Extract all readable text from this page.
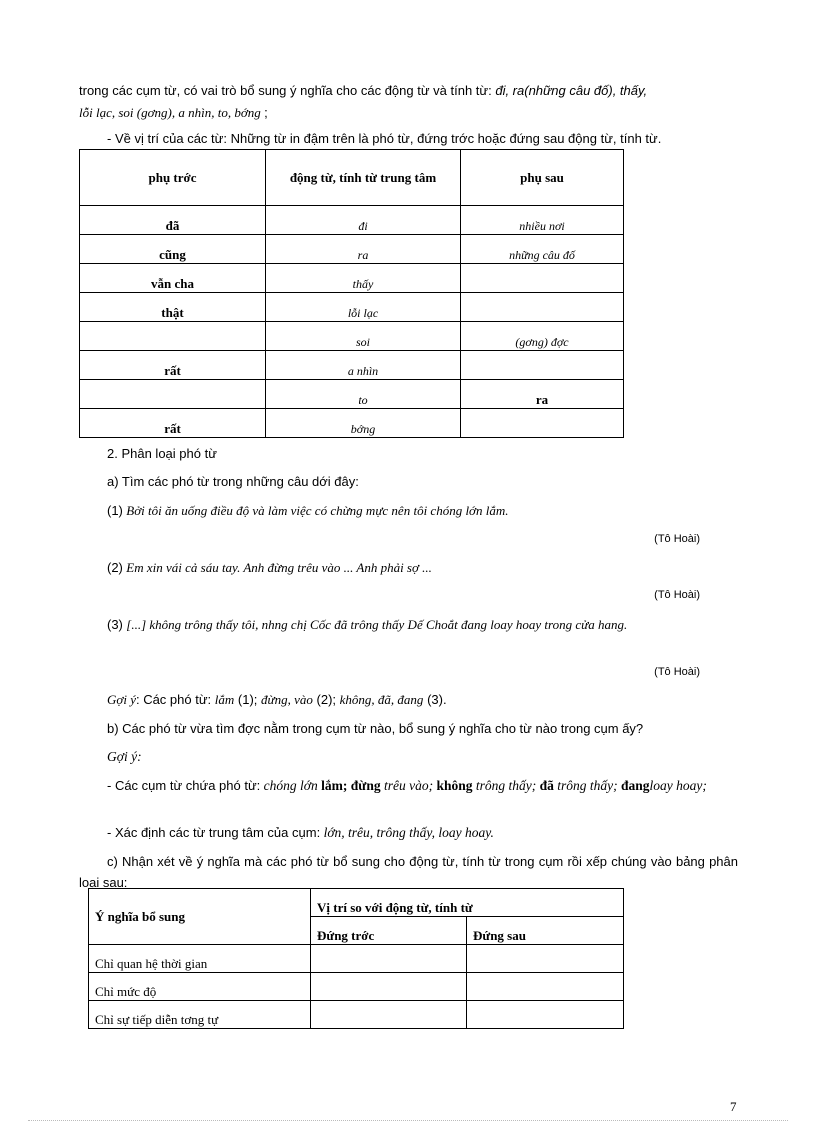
trong các cụm từ, có vai trò bổ sung ý nghĩa cho các động từ và tính từ: đi, ra(những câu đố), thấy,
lỗi lạc, soi (gơng), a nhìn, to, bớng ;
- Về vị trí của các từ: Những từ in đậm trên là phó từ, đứng trớc hoặc đứng sau động từ, tính từ.
phụ trớc	động từ, tính từ trung tâm	phụ sau
đã	đi	nhiều nơi
cũng	ra	những câu đố
vẫn cha	thấy	
thật	lỗi lạc	
	soi	(gơng) đợc
rất	a nhìn	
	to	ra
rất	bớng	
2. Phân loại phó từ
a) Tìm các phó từ trong những câu dới đây:
(1) Bởi tôi ăn uống điều độ và làm việc có chừng mực nên tôi chóng lớn lắm.
(Tô Hoài)
(2) Em xin vái cả sáu tay. Anh đừng trêu vào ... Anh phải sợ ...
(Tô Hoài)
(3) [...] không trông thấy tôi, nhng chị Cốc đã trông thấy Dế Choắt đang loay hoay trong cửa hang.
(Tô Hoài)
Gợi ý: Các phó từ: lắm (1); đừng, vào (2); không, đã, đang (3).
b) Các phó từ vừa tìm đợc nằm trong cụm từ nào, bổ sung ý nghĩa cho từ nào trong cụm ấy?
Gợi ý:
- Các cụm từ chứa phó từ: chóng lớn lắm; đừng trêu vào; không trông thấy; đã trông thấy; đangloay hoay;
- Xác định các từ trung tâm của cụm: lớn, trêu, trông thấy, loay hoay.
c) Nhận xét về ý nghĩa mà các phó từ bổ sung cho động từ, tính từ trong cụm rồi xếp chúng vào bảng phân loại sau:
Ý nghĩa bổ sung	Vị trí so với động từ, tính từ	
	Đứng trớc	Đứng sau
Chỉ quan hệ thời gian		
Chỉ mức độ		
Chỉ sự tiếp diễn tơng tự		
7
